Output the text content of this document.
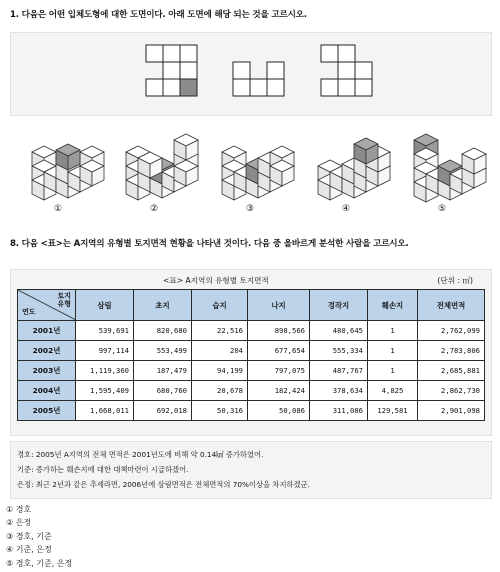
1. 다음은 어떤 입체도형에 대한 도면이다. 아래 도면에 해당 되는 것을 고르시오.
①	②	③	④	⑤
8. 다음 <표>는 A지역의 유형별 토지면적 현황을 나타낸 것이다. 다음 중 올바르게 분석한 사람을 고르시오.
<표> A지역의 유형별 토지면적	(단위 : ㎡)
토지
유형
연도	삼림	초지	습지	나지	경작지	훼손지	전체면적
2001년	539,691	820,680	22,516	898,566	480,645	1	2,762,099
2002년	997,114	553,499	204	677,654	555,334	1	2,783,806
2003년	1,119,360	187,479	94,199	797,075	487,767	1	2,685,881
2004년	1,595,409	680,760	20,678	182,424	378,634	4,825	2,862,730
2005년	1,668,011	692,018	50,316	50,086	311,086	129,581	2,901,098
경호: 2005년 A지역의 전체 면적은 2001년도에 비해 약 0.14㎢ 증가하였어.
기준: 증가하는 훼손지에 대한 대책마련이 시급하겠어.
은정: 최근 2년과 같은 추세라면, 2006년에 삼림면적은 전체면적의 70%이상을 차지하겠군.
① 경호
② 은정
③ 경호, 기준
④ 기준, 은정
⑤ 경호, 기준, 은정
